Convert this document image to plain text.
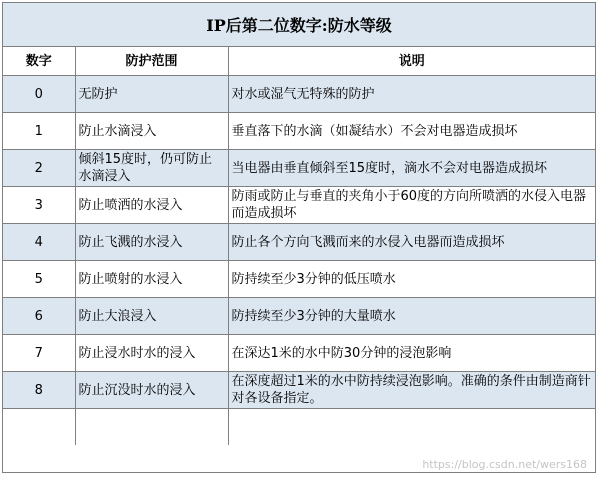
IP后第二位数字:防水等级
数字	防护范围	说明
0	无防护	对水或湿气无特殊的防护
1	防止水滴浸入	垂直落下的水滴（如凝结水）不会对电器造成损坏
2	倾斜15度时，仍可防止水滴浸入	当电器由垂直倾斜至15度时，滴水不会对电器造成损坏
3	防止喷洒的水浸入	防雨或防止与垂直的夹角小于60度的方向所喷洒的水侵入电器而造成损坏
4	防止飞溅的水浸入	防止各个方向飞溅而来的水侵入电器而造成损坏
5	防止喷射的水浸入	防持续至少3分钟的低压喷水
6	防止大浪浸入	防持续至少3分钟的大量喷水
7	防止浸水时水的浸入	在深达1米的水中防30分钟的浸泡影响
8	防止沉没时水的浸入	在深度超过1米的水中防持续浸泡影响。准确的条件由制造商针对各设备指定。

https://blog.csdn.net/wers168
